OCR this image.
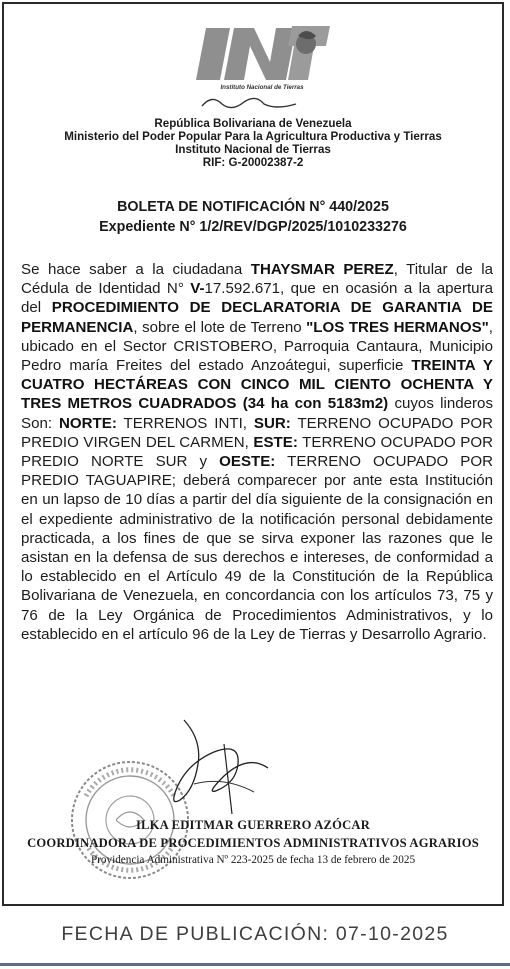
Instituto Nacional de Tierras
República Bolivariana de Venezuela
Ministerio del Poder Popular Para la Agricultura Productiva y Tierras
Instituto Nacional de Tierras
RIF: G-20002387-2
BOLETA DE NOTIFICACIÓN N° 440/2025
Expediente N° 1/2/REV/DGP/2025/1010233276
Se hace saber a la ciudadana THAYSMAR PEREZ, Titular de la Cédula de Identidad N° V-17.592.671, que en ocasión a la apertura del PROCEDIMIENTO DE DECLARATORIA DE GARANTIA DE PERMANENCIA, sobre el lote de Terreno "LOS TRES HERMANOS", ubicado en el Sector CRISTOBERO, Parroquia Cantaura, Municipio Pedro maría Freites del estado Anzoátegui, superficie TREINTA Y CUATRO HECTÁREAS CON CINCO MIL CIENTO OCHENTA Y TRES METROS CUADRADOS (34 ha con 5183m2) cuyos linderos Son: NORTE: TERRENOS INTI, SUR: TERRENO OCUPADO POR PREDIO VIRGEN DEL CARMEN, ESTE: TERRENO OCUPADO POR PREDIO NORTE SUR y OESTE: TERRENO OCUPADO POR PREDIO TAGUAPIRE; deberá comparecer por ante esta Institución en un lapso de 10 días a partir del día siguiente de la consignación en el expediente administrativo de la notificación personal debidamente practicada, a los fines de que se sirva exponer las razones que le asistan en la defensa de sus derechos e intereses, de conformidad a lo establecido en el Artículo 49 de la Constitución de la República Bolivariana de Venezuela, en concordancia con los artículos 73, 75 y 76 de la Ley Orgánica de Procedimientos Administrativos, y lo establecido en el artículo 96 de la Ley de Tierras y Desarrollo Agrario.
ILKA EDITMAR GUERRERO AZÓCAR
COORDINADORA DE PROCEDIMIENTOS ADMINISTRATIVOS AGRARIOS
Providencia Administrativa Nº 223-2025 de fecha 13 de febrero de 2025
FECHA DE PUBLICACIÓN: 07-10-2025
